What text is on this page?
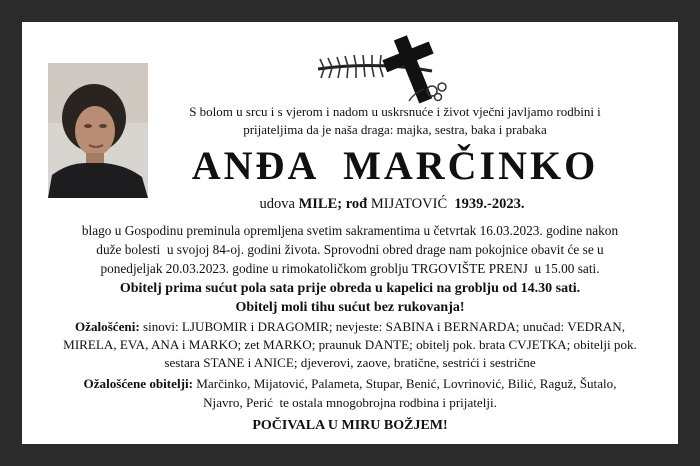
S bolom u srcu i s vjerom i nadom u uskrsnuće i život vječni javljamo rodbini i
prijateljima da je naša draga: majka, sestra, baka i prabaka
ANĐA  MARČINKO
udova MILE; rođ MIJATOVIĆ 1939.-2023.
blago u Gospodinu preminula opremljena svetim sakramentima u četvrtak 16.03.2023. godine nakon
duže bolesti  u svojoj 84-oj. godini života. Sprovodni obred drage nam pokojnice obavit će se u
ponedjeljak 20.03.2023. godine u rimokatoličkom groblju TRGOVIŠTE PRENJ  u 15.00 sati.
Obitelj prima sućut pola sata prije obreda u kapelici na groblju od 14.30 sati.
Obitelj moli tihu sućut bez rukovanja!
Ožalošćeni: sinovi: LJUBOMIR i DRAGOMIR; nevjeste: SABINA i BERNARDA; unučad: VEDRAN,
MIRELA, EVA, ANA i MARKO; zet MARKO; praunuk DANTE; obitelj pok. brata CVJETKA; obitelji pok.
sestara STANE i ANICE; djeverovi, zaove, bratične, sestrići i sestrične
Ožalošćene obitelji: Marčinko, Mijatović, Palameta, Stupar, Benić, Lovrinović, Bilić, Raguž, Šutalo,
Njavro, Perić  te ostala mnogobrojna rodbina i prijatelji.
POČIVALA U MIRU BOŽJEM!
